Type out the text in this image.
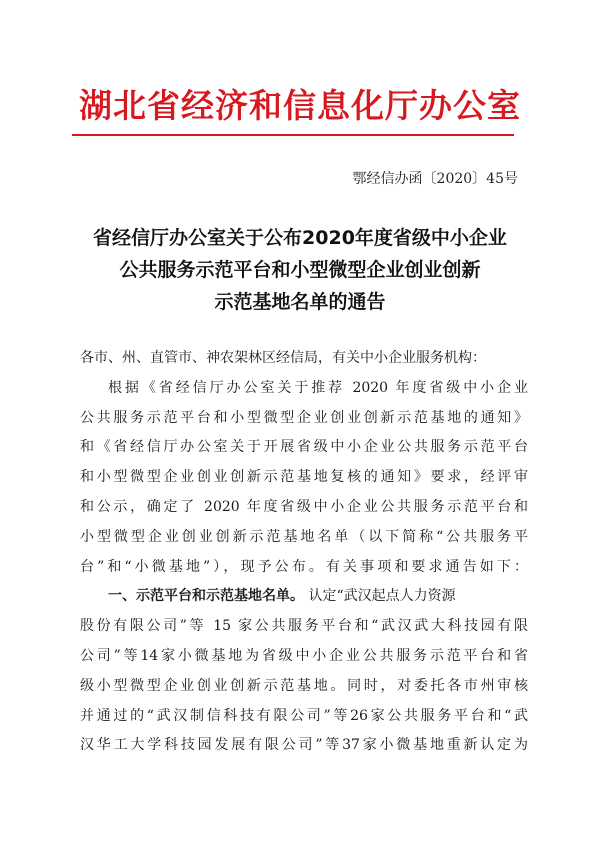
湖北省经济和信息化厅办公室
鄂经信办函〔2020〕45号
省经信厅办公室关于公布2020年度省级中小企业
公共服务示范平台和小型微型企业创业创新
示范基地名单的通告
各市、州、直管市、神农架林区经信局，有关中小企业服务机构：
根据《省经信厅办公室关于推荐 2020 年度省级中小企业
公共服务示范平台和小型微型企业创业创新示范基地的通知》
和《省经信厅办公室关于开展省级中小企业公共服务示范平台
和小型微型企业创业创新示范基地复核的通知》要求，经评审
和公示，确定了 2020 年度省级中小企业公共服务示范平台和
小型微型企业创业创新示范基地名单（以下简称“公共服务平
台”和“小微基地”），现予公布。有关事项和要求通告如下：
一、示范平台和示范基地名单。 认定“武汉起点人力资源
股份有限公司”等 15 家公共服务平台和“武汉武大科技园有限
公司”等14家小微基地为省级中小企业公共服务示范平台和省
级小型微型企业创业创新示范基地。同时，对委托各市州审核
并通过的“武汉制信科技有限公司”等26家公共服务平台和“武
汉华工大学科技园发展有限公司”等37家小微基地重新认定为
